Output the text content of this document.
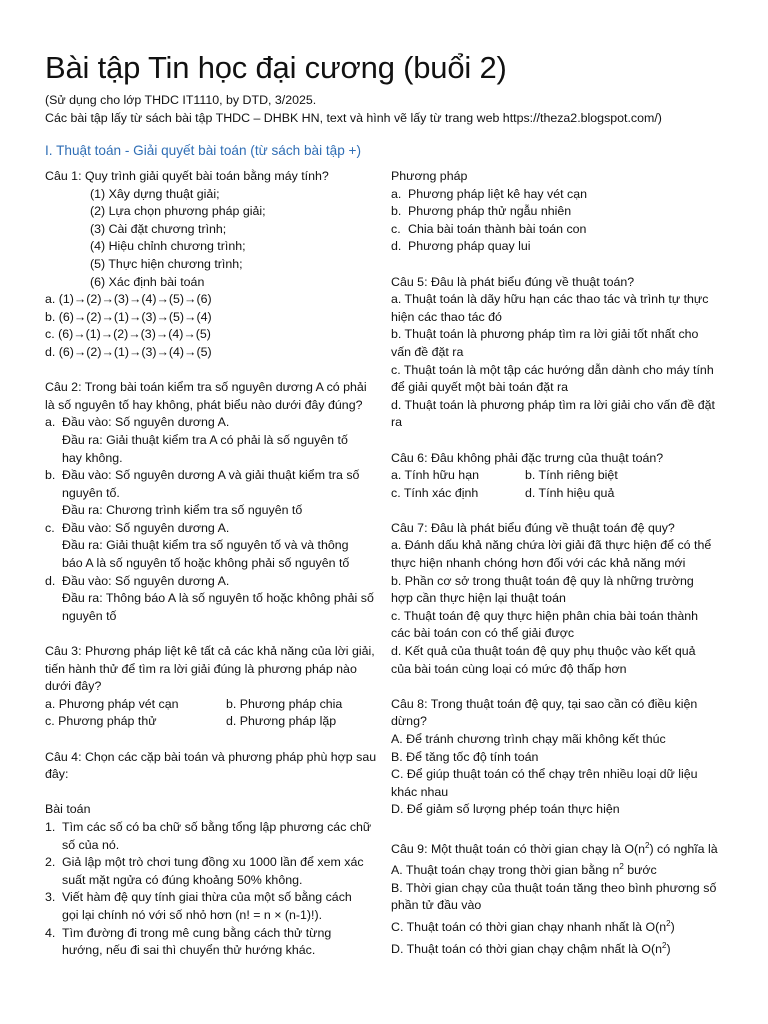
Bài tập Tin học đại cương (buổi 2)
(Sử dụng cho lớp THDC IT1110, by DTD, 3/2025.
Các bài tập lấy từ sách bài tập THDC – DHBK HN, text và hình vẽ lấy từ trang web https://theza2.blogspot.com/)
I. Thuật toán - Giải quyết bài toán (từ sách bài tập +)

Câu 1: Quy trình giải quyết bài toán bằng máy tính?

(1) Xây dựng thuật giải;

(2) Lựa chọn phương pháp giải;

(3) Cài đặt chương trình;

(4) Hiệu chỉnh chương trình;

(5) Thực hiện chương trình;

(6) Xác định bài toán

a. (1)→(2)→(3)→(4)→(5)→(6)

b. (6)→(2)→(1)→(3)→(5)→(4)

c. (6)→(1)→(2)→(3)→(4)→(5)

d. (6)→(2)→(1)→(3)→(4)→(5)

Câu 2: Trong bài toán kiểm tra số nguyên dương A có phải

là số nguyên tố hay không, phát biểu nào dưới đây đúng?

a. Đầu vào: Số nguyên dương A.

Đầu ra: Giải thuật kiểm tra A có phải là số nguyên tố

hay không.

b. Đầu vào: Số nguyên dương A và giải thuật kiểm tra số

nguyên tố.

Đầu ra: Chương trình kiểm tra số nguyên tố

c. Đầu vào: Số nguyên dương A.

Đầu ra: Giải thuật kiểm tra số nguyên tố và và thông

báo A là số nguyên tố hoặc không phải số nguyên tố

d. Đầu vào: Số nguyên dương A.

Đầu ra: Thông báo A là số nguyên tố hoặc không phải số

nguyên tố

Câu 3: Phương pháp liệt kê tất cả các khả năng của lời giải,

tiến hành thử để tìm ra lời giải đúng là phương pháp nào

dưới đây?

a. Phương pháp vét cạn	b. Phương pháp chia
c. Phương pháp thử	d. Phương pháp lặp

Câu 4: Chọn các cặp bài toán và phương pháp phù hợp sau

đây:

Bài toán

1. Tìm các số có ba chữ số bằng tổng lập phương các chữ

số của nó.

2. Giả lập một trò chơi tung đồng xu 1000 lần để xem xác

suất mặt ngửa có đúng khoảng 50% không.

3. Viết hàm đệ quy tính giai thừa của một số bằng cách

gọi lại chính nó với số nhỏ hơn (n! = n × (n-1)!).

4. Tìm đường đi trong mê cung bằng cách thử từng

hướng, nếu đi sai thì chuyển thử hướng khác.

Phương pháp

a. Phương pháp liệt kê hay vét cạn
b. Phương pháp thử ngẫu nhiên
c. Chia bài toán thành bài toán con
d. Phương pháp quay lui

Câu 5: Đâu là phát biểu đúng về thuật toán?

a. Thuật toán là dãy hữu hạn các thao tác và trình tự thực

hiện các thao tác đó

b. Thuật toán là phương pháp tìm ra lời giải tốt nhất cho

vấn đề đặt ra

c. Thuật toán là một tập các hướng dẫn dành cho máy tính

để giải quyết một bài toán đặt ra

d. Thuật toán là phương pháp tìm ra lời giải cho vấn đề đặt

ra

Câu 6: Đâu không phải đặc trưng của thuật toán?

a. Tính hữu hạn	b. Tính riêng biệt
c. Tính xác định	d. Tính hiệu quả

Câu 7: Đâu là phát biểu đúng về thuật toán đệ quy?

a. Đánh dấu khả năng chứa lời giải đã thực hiện để có thể

thực hiện nhanh chóng hơn đối với các khả năng mới

b. Phần cơ sở trong thuật toán đệ quy là những trường

hợp cần thực hiện lại thuật toán

c. Thuật toán đệ quy thực hiện phân chia bài toán thành

các bài toán con có thể giải được

d. Kết quả của thuật toán đệ quy phụ thuộc vào kết quả

của bài toán cùng loại có mức độ thấp hơn

Câu 8: Trong thuật toán đệ quy, tại sao cần có điều kiện

dừng?

A. Để tránh chương trình chạy mãi không kết thúc

B. Để tăng tốc độ tính toán

C. Để giúp thuật toán có thể chạy trên nhiều loại dữ liệu

khác nhau

D. Để giảm số lượng phép toán thực hiện

Câu 9: Một thuật toán có thời gian chạy là $O(n^2)$ có nghĩa là

A. Thuật toán chạy trong thời gian bằng $n^2$ bước

B. Thời gian chạy của thuật toán tăng theo bình phương số

phần tử đầu vào

C. Thuật toán có thời gian chạy nhanh nhất là $O(n^2)$

D. Thuật toán có thời gian chạy chậm nhất là $O(n^2)$
